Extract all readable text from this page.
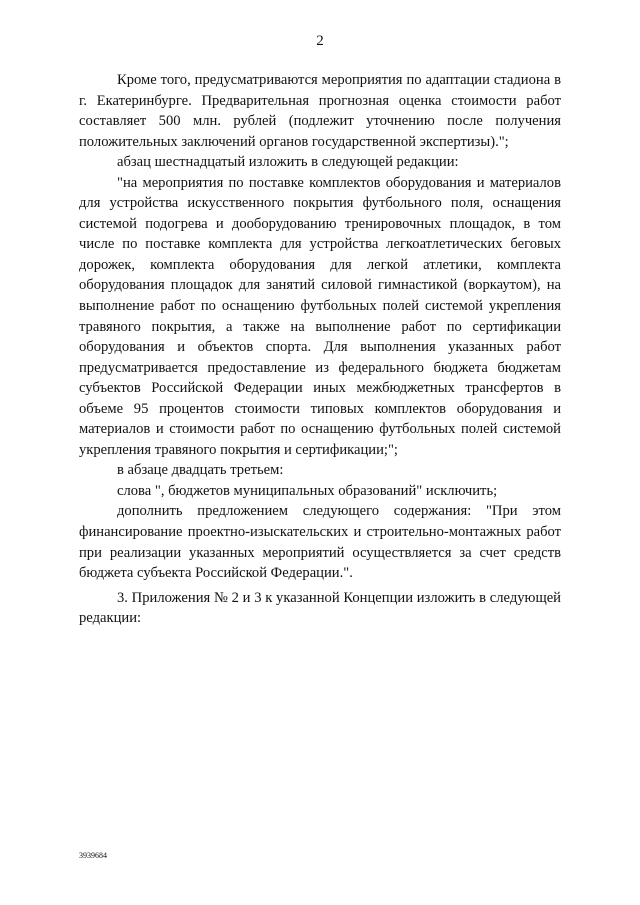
2

Кроме того, предусматриваются мероприятия по адаптации стадиона в г. Екатеринбурге. Предварительная прогнозная оценка стоимости работ составляет 500 млн. рублей (подлежит уточнению после получения положительных заключений органов государственной экспертизы).";

абзац шестнадцатый изложить в следующей редакции:

"на мероприятия по поставке комплектов оборудования и материалов для устройства искусственного покрытия футбольного поля, оснащения системой подогрева и дооборудованию тренировочных площадок, в том числе по поставке комплекта для устройства легкоатлетических беговых дорожек, комплекта оборудования для легкой атлетики, комплекта оборудования площадок для занятий силовой гимнастикой (воркаутом), на выполнение работ по оснащению футбольных полей системой укрепления травяного покрытия, а также на выполнение работ по сертификации оборудования и объектов спорта. Для выполнения указанных работ предусматривается предоставление из федерального бюджета бюджетам субъектов Российской Федерации иных межбюджетных трансфертов в объеме 95 процентов стоимости типовых комплектов оборудования и материалов и стоимости работ по оснащению футбольных полей системой укрепления травяного покрытия и сертификации;";

в абзаце двадцать третьем:

слова ", бюджетов муниципальных образований" исключить;

дополнить предложением следующего содержания: "При этом финансирование проектно-изыскательских и строительно-монтажных работ при реализации указанных мероприятий осуществляется за счет средств бюджета субъекта Российской Федерации.".

3. Приложения № 2 и 3 к указанной Концепции изложить в следующей редакции:

3939684
